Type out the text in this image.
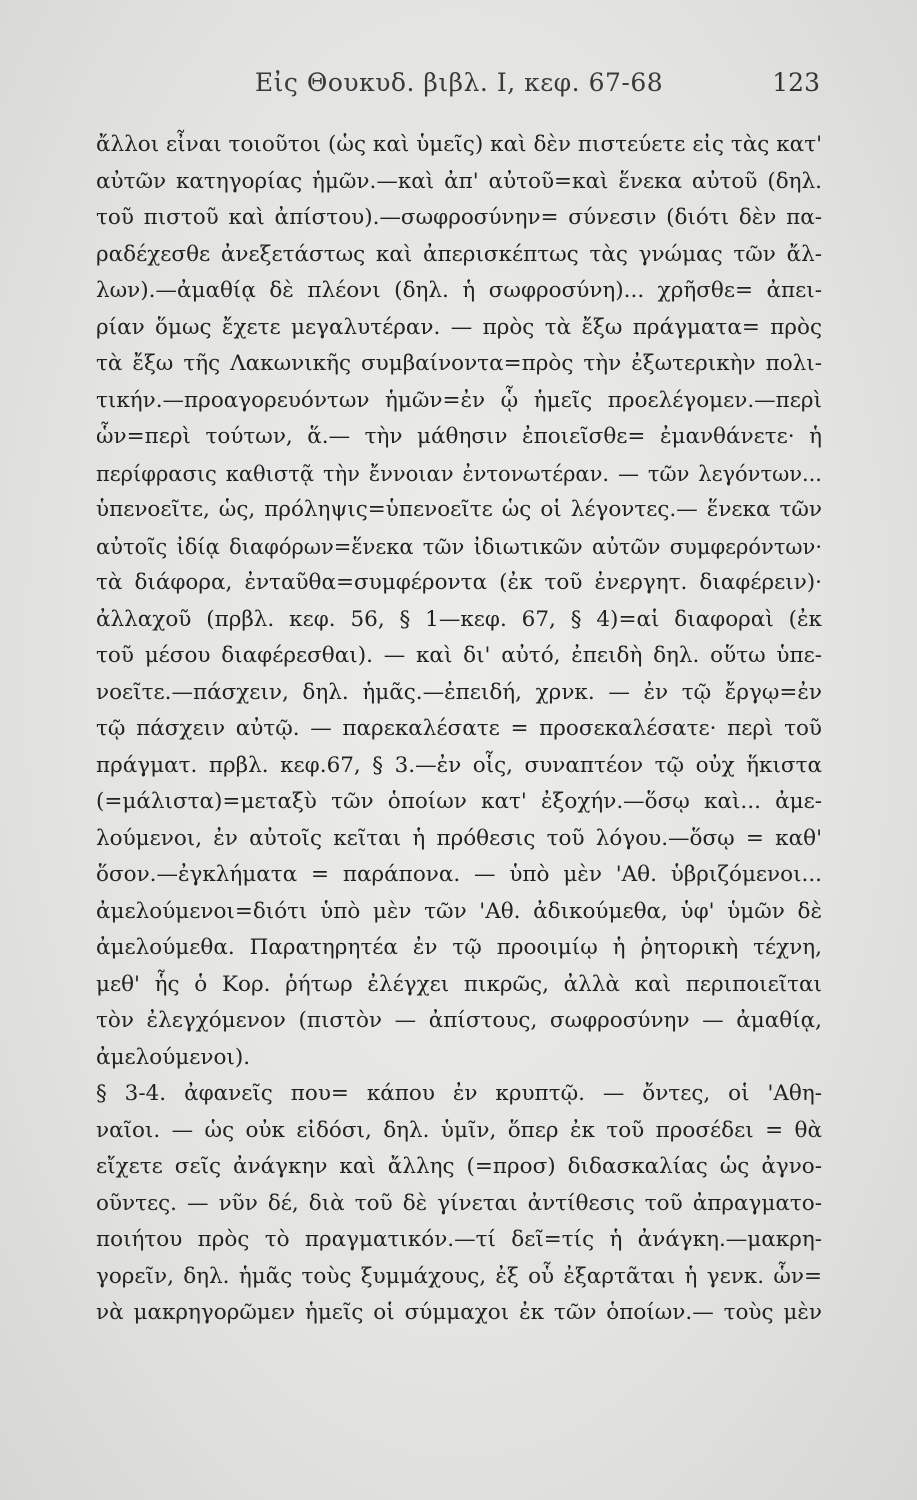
Εἰς Θουκυδ. βιβλ. Ι, κεφ. 67-68	123
ἄλλοι εἶναι τοιοῦτοι (ὡς καὶ ὑμεῖς) καὶ δὲν πιστεύετε εἰς τὰς κατ'
αὐτῶν κατηγορίας ἡμῶν.—καὶ ἀπ' αὐτοῦ=καὶ ἕνεκα αὐτοῦ (δηλ.
τοῦ πιστοῦ καὶ ἀπίστου).—σωφροσύνην= σύνεσιν (διότι δὲν πα-
ραδέχεσθε ἀνεξετάστως καὶ ἀπερισκέπτως τὰς γνώμας τῶν ἄλ-
λων).—ἀμαθίᾳ δὲ πλέονι (δηλ. ἡ σωφροσύνη)... χρῆσθε= ἀπει-
ρίαν ὅμως ἔχετε μεγαλυτέραν. — πρὸς τὰ ἔξω πράγματα= πρὸς
τὰ ἔξω τῆς Λακωνικῆς συμβαίνοντα=πρὸς τὴν ἐξωτερικὴν πολι-
τικήν.—προαγορευόντων ἡμῶν=ἐν ᾧ ἡμεῖς προελέγομεν.—περὶ
ὧν=περὶ τούτων, ἅ.— τὴν μάθησιν ἐποιεῖσθε= ἐμανθάνετε· ἡ
περίφρασις καθιστᾷ τὴν ἔννοιαν ἐντονωτέραν. — τῶν λεγόντων...
ὑπενοεῖτε, ὡς, πρόληψις=ὑπενοεῖτε ὡς οἱ λέγοντες.— ἕνεκα τῶν
αὐτοῖς ἰδίᾳ διαφόρων=ἕνεκα τῶν ἰδιωτικῶν αὐτῶν συμφερόντων·
τὰ διάφορα, ἐνταῦθα=συμφέροντα (ἐκ τοῦ ἐνεργητ. διαφέρειν)·
ἀλλαχοῦ (πρβλ. κεφ. 56, § 1—κεφ. 67, § 4)=αἱ διαφοραὶ (ἐκ
τοῦ μέσου διαφέρεσθαι). — καὶ δι' αὐτό, ἐπειδὴ δηλ. οὕτω ὑπε-
νοεῖτε.—πάσχειν, δηλ. ἡμᾶς.—ἐπειδή, χρνκ. — ἐν τῷ ἔργῳ=ἐν
τῷ πάσχειν αὐτῷ. — παρεκαλέσατε = προσεκαλέσατε· περὶ τοῦ
πράγματ. πρβλ. κεφ.67, § 3.—ἐν οἷς, συναπτέον τῷ οὐχ ἥκιστα
(=μάλιστα)=μεταξὺ τῶν ὁποίων κατ' ἐξοχήν.—ὅσῳ καὶ... ἀμε-
λούμενοι, ἐν αὐτοῖς κεῖται ἡ πρόθεσις τοῦ λόγου.—ὅσῳ = καθ'
ὅσον.—ἐγκλήματα = παράπονα. — ὑπὸ μὲν 'Αθ. ὑβριζόμενοι...
ἀμελούμενοι=διότι ὑπὸ μὲν τῶν 'Αθ. ἀδικούμεθα, ὑφ' ὑμῶν δὲ
ἀμελούμεθα. Παρατηρητέα ἐν τῷ προοιμίῳ ἡ ῥητορικὴ τέχνη,
μεθ' ἧς ὁ Κορ. ῥήτωρ ἐλέγχει πικρῶς, ἀλλὰ καὶ περιποιεῖται
τὸν ἐλεγχόμενον (πιστὸν — ἀπίστους, σωφροσύνην — ἀμαθίᾳ,
ἀμελούμενοι).
§ 3-4. ἀφανεῖς που= κάπου ἐν κρυπτῷ. — ὄντες, οἱ 'Αθη-
ναῖοι. — ὡς οὐκ εἰδόσι, δηλ. ὑμῖν, ὅπερ ἐκ τοῦ προσέδει = θὰ
εἴχετε σεῖς ἀνάγκην καὶ ἄλλης (=προσ) διδασκαλίας ὡς ἀγνο-
οῦντες. — νῦν δέ, διὰ τοῦ δὲ γίνεται ἀντίθεσις τοῦ ἀπραγματο-
ποιήτου πρὸς τὸ πραγματικόν.—τί δεῖ=τίς ἡ ἀνάγκη.—μακρη-
γορεῖν, δηλ. ἡμᾶς τοὺς ξυμμάχους, ἐξ οὗ ἐξαρτᾶται ἡ γενκ. ὧν=
νὰ μακρηγορῶμεν ἡμεῖς οἱ σύμμαχοι ἐκ τῶν ὁποίων.— τοὺς μὲν
